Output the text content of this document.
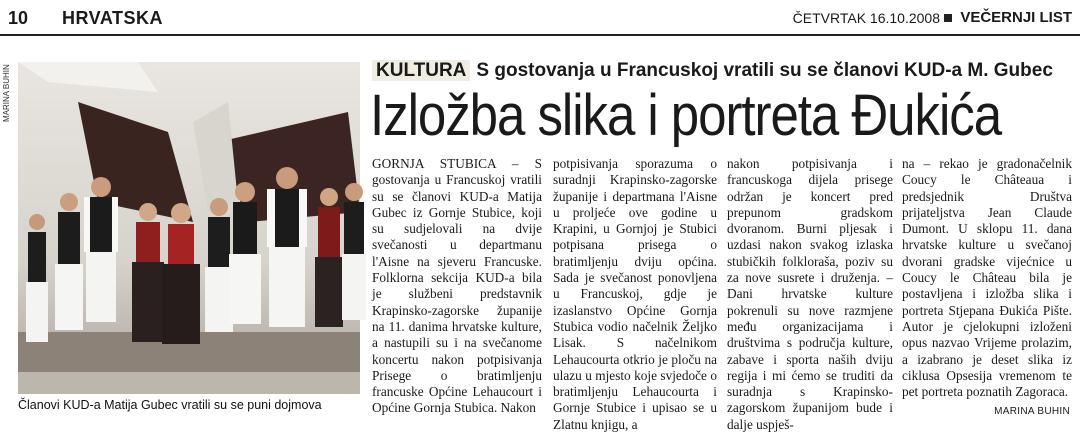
10 HRVATSKA	ČETVRTAK 16.10.2008 VEČERNJI LIST
MARINA BUHIN
Članovi KUD-a Matija Gubec vratili su se puni dojmova
KULTURA S gostovanja u Francuskoj vratili su se članovi KUD-a M. Gubec
Izložba slika i portreta Đukića
GORNJA STUBICA – S gostovanja u Francuskoj vratili su se članovi KUD-a Matija Gubec iz Gornje Stubice, koji su sudjelovali na dvije svečanosti u departmanu l'Aisne na sjeveru Francuske. Folklorna sekcija KUD-a bila je službeni predstavnik Krapinsko-zagorske županije na 11. danima hrvatske kulture, a nastupili su i na svečanome koncertu nakon potpisivanja Prisege o bratimljenju francuske Općine Lehaucourt i Općine Gornja Stubica. Nakon
potpisivanja sporazuma o suradnji Krapinsko-zagorske županije i departmana l'Aisne u proljeće ove godine u Krapini, u Gornjoj je Stubici potpisana prisega o bratimljenju dviju općina. Sada je svečanost ponovljena u Francuskoj, gdje je izaslanstvo Općine Gornja Stubica vodio načelnik Željko Lisak. S načelnikom Lehaucourta otkrio je ploču na ulazu u mjesto koje svjedoče o bratimljenju Lehaucourta i Gornje Stubice i upisao se u Zlatnu knjigu, a
nakon potpisivanja i francuskoga dijela prisege održan je koncert pred prepunom gradskom dvoranom. Burni pljesak i uzdasi nakon svakog izlaska stubičkih folkloraša, poziv su za nove susrete i druženja. – Dani hrvatske kulture pokrenuli su nove razmjene među organizacijama i društvima s područja kulture, zabave i sporta naših dviju regija i mi ćemo se truditi da suradnja s Krapinsko-zagorskom županijom bude i dalje uspješ-
na – rekao je gradonačelnik Coucy le Châteaua i predsjednik Društva prijateljstva Jean Claude Dumont. U sklopu 11. dana hrvatske kulture u svečanoj dvorani gradske vijećnice u Coucy le Château bila je postavljena i izložba slika i portreta Stjepana Đukića Pište. Autor je cjelokupni izloženi opus nazvao Vrijeme prolazim, a izabrano je deset slika iz ciklusa Opsesija vremenom te pet portreta poznatih Zagoraca.
MARINA BUHIN
